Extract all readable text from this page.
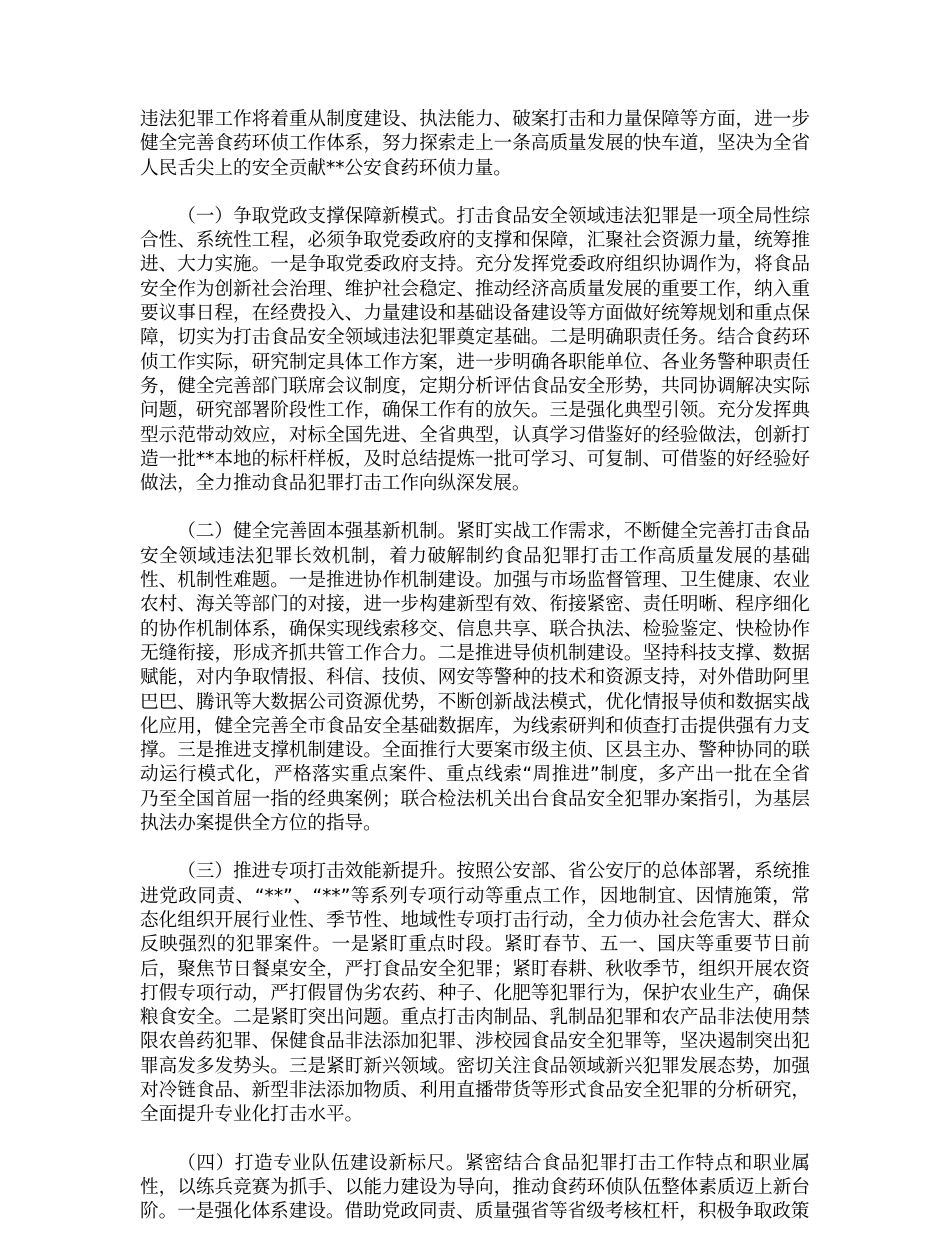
违法犯罪工作将着重从制度建设、执法能力、破案打击和力量保障等方面，进一步健全完善食药环侦工作体系，努力探索走上一条高质量发展的快车道，坚决为全省人民舌尖上的安全贡献**公安食药环侦力量。

（一）争取党政支撑保障新模式。打击食品安全领域违法犯罪是一项全局性综合性、系统性工程，必须争取党委政府的支撑和保障，汇聚社会资源力量，统筹推进、大力实施。一是争取党委政府支持。充分发挥党委政府组织协调作为，将食品安全作为创新社会治理、维护社会稳定、推动经济高质量发展的重要工作，纳入重要议事日程，在经费投入、力量建设和基础设备建设等方面做好统筹规划和重点保障，切实为打击食品安全领域违法犯罪奠定基础。二是明确职责任务。结合食药环侦工作实际，研究制定具体工作方案，进一步明确各职能单位、各业务警种职责任务，健全完善部门联席会议制度，定期分析评估食品安全形势，共同协调解决实际问题，研究部署阶段性工作，确保工作有的放矢。三是强化典型引领。充分发挥典型示范带动效应，对标全国先进、全省典型，认真学习借鉴好的经验做法，创新打造一批**本地的标杆样板，及时总结提炼一批可学习、可复制、可借鉴的好经验好做法，全力推动食品犯罪打击工作向纵深发展。

（二）健全完善固本强基新机制。紧盯实战工作需求，不断健全完善打击食品安全领域违法犯罪长效机制，着力破解制约食品犯罪打击工作高质量发展的基础性、机制性难题。一是推进协作机制建设。加强与市场监督管理、卫生健康、农业农村、海关等部门的对接，进一步构建新型有效、衔接紧密、责任明晰、程序细化的协作机制体系，确保实现线索移交、信息共享、联合执法、检验鉴定、快检协作无缝衔接，形成齐抓共管工作合力。二是推进导侦机制建设。坚持科技支撑、数据赋能，对内争取情报、科信、技侦、网安等警种的技术和资源支持，对外借助阿里巴巴、腾讯等大数据公司资源优势，不断创新战法模式，优化情报导侦和数据实战化应用，健全完善全市食品安全基础数据库，为线索研判和侦查打击提供强有力支撑。三是推进支撑机制建设。全面推行大要案市级主侦、区县主办、警种协同的联动运行模式化，严格落实重点案件、重点线索“周推进”制度，多产出一批在全省乃至全国首屈一指的经典案例；联合检法机关出台食品安全犯罪办案指引，为基层执法办案提供全方位的指导。

（三）推进专项打击效能新提升。按照公安部、省公安厅的总体部署，系统推进党政同责、“**”、“**”等系列专项行动等重点工作，因地制宜、因情施策，常态化组织开展行业性、季节性、地域性专项打击行动，全力侦办社会危害大、群众反映强烈的犯罪案件。一是紧盯重点时段。紧盯春节、五一、国庆等重要节日前后，聚焦节日餐桌安全，严打食品安全犯罪；紧盯春耕、秋收季节，组织开展农资打假专项行动，严打假冒伪劣农药、种子、化肥等犯罪行为，保护农业生产，确保粮食安全。二是紧盯突出问题。重点打击肉制品、乳制品犯罪和农产品非法使用禁限农兽药犯罪、保健食品非法添加犯罪、涉校园食品安全犯罪等，坚决遏制突出犯罪高发多发势头。三是紧盯新兴领域。密切关注食品领域新兴犯罪发展态势，加强对冷链食品、新型非法添加物质、利用直播带货等形式食品安全犯罪的分析研究，全面提升专业化打击水平。

（四）打造专业队伍建设新标尺。紧密结合食品犯罪打击工作特点和职业属性，以练兵竞赛为抓手、以能力建设为导向，推动食药环侦队伍整体素质迈上新台阶。一是强化体系建设。借助党政同责、质量强省等省级考核杠杆，积极争取政策
